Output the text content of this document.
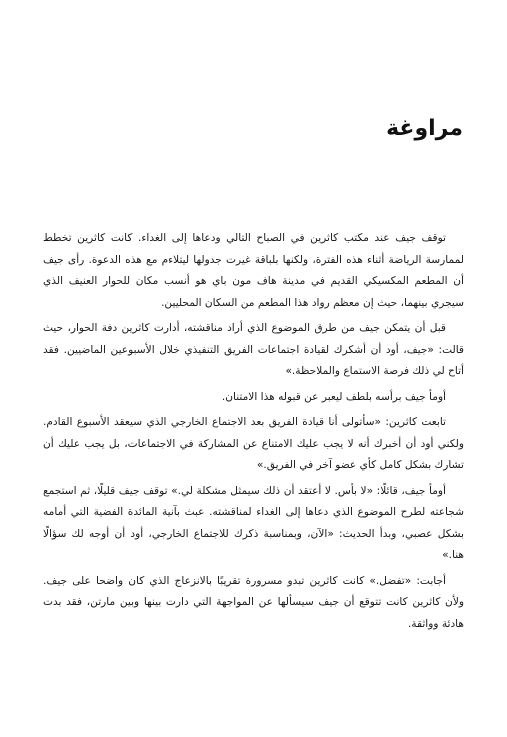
مراوغة

توقف جيف عند مكتب كاثرين في الصباح التالي ودعاها إلى الغداء. كانت كاثرين تخطط لممارسة الرياضة أثناء هذه الفترة، ولكنها بلباقة غيرت جدولها ليتلاءم مع هذه الدعوة. رأى جيف أن المطعم المكسيكي القديم في مدينة هاف مون باي هو أنسب مكان للحوار العنيف الذي سيجري بينهما، حيث إن معظم رواد هذا المطعم من السكان المحليين.

قبل أن يتمكن جيف من طرق الموضوع الذي أراد مناقشته، أدارت كاثرين دفة الحوار، حيث قالت: «جيف، أود أن أشكرك لقيادة اجتماعات الفريق التنفيذي خلال الأسبوعين الماضيين. فقد أتاح لي ذلك فرصة الاستماع والملاحظة.»

أومأ جيف برأسه بلطف ليعبر عن قبوله هذا الامتنان.

تابعت كاثرين: «سأتولى أنا قيادة الفريق بعد الاجتماع الخارجي الذي سيعقد الأسبوع القادم. ولكني أود أن أخبرك أنه لا يجب عليك الامتناع عن المشاركة في الاجتماعات، بل يجب عليك أن تشارك بشكل كامل كأي عضو آخر في الفريق.»

أومأ جيف، قائلًا: «لا بأس. لا أعتقد أن ذلك سيمثل مشكلة لي.» توقف جيف قليلًا، ثم استجمع شجاعته لطرح الموضوع الذي دعاها إلى الغداء لمناقشته. عبث بآنية المائدة الفضية التي أمامه بشكل عصبي، وبدأ الحديث: «الآن، وبمناسبة ذكرك للاجتماع الخارجي، أود أن أوجه لك سؤالًا هنا.»

أجابت: «تفضل.» كانت كاثرين تبدو مسرورة تقريبًا بالانزعاج الذي كان واضحا على جيف. ولأن كاثرين كانت تتوقع أن جيف سيسألها عن المواجهة التي دارت بينها وبين مارتن، فقد بدت هادئة وواثقة.
